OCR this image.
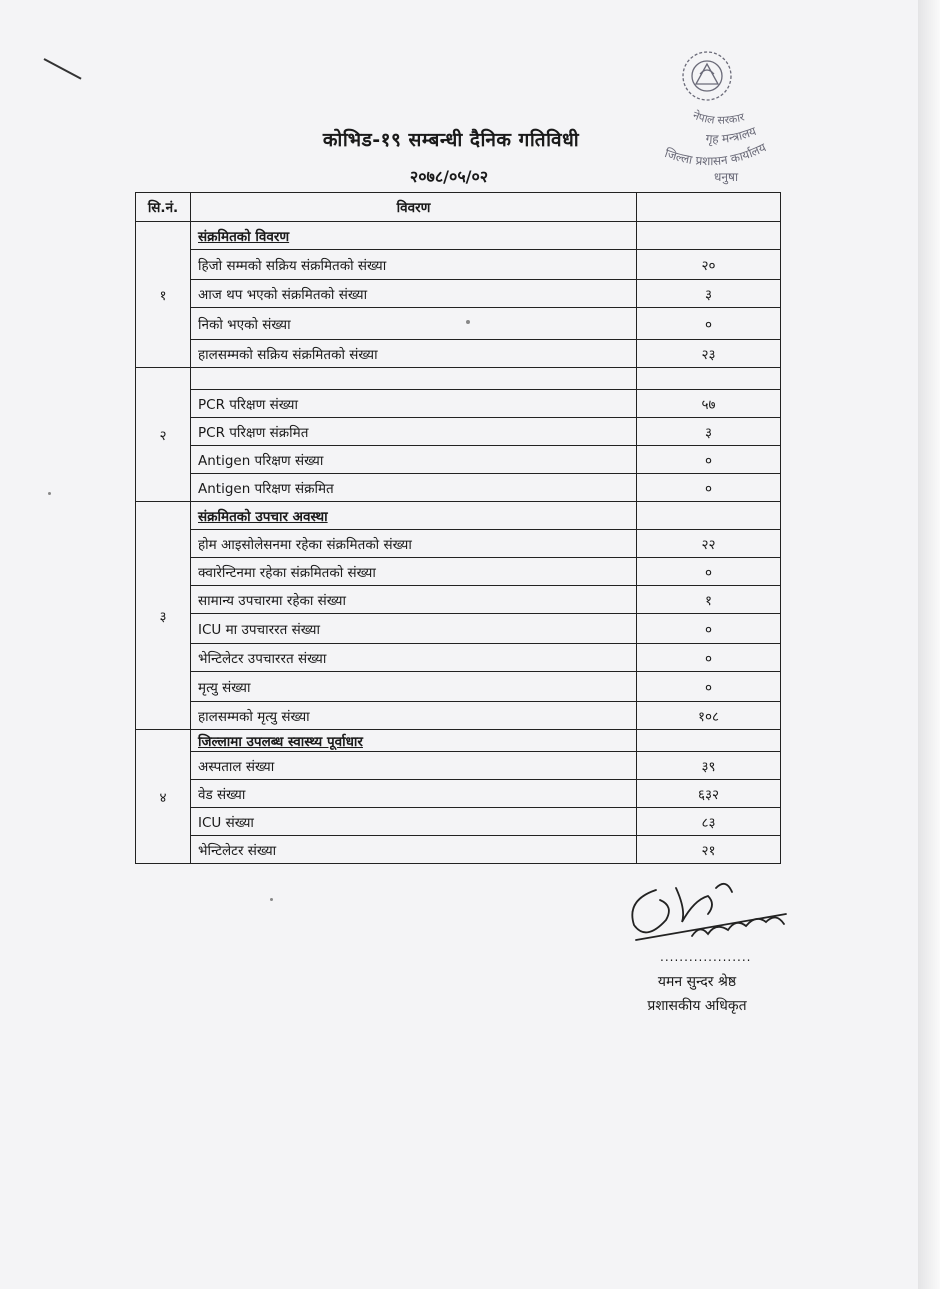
नेपाल सरकार
गृह मन्त्रालय
जिल्ला प्रशासन कार्यालय
धनुषा
कोभिड-१९ सम्बन्धी दैनिक गतिविधी
२०७८/०५/०२
सि.नं.	विवरण	
१	संक्रमितको विवरण	
	हिजो सम्मको सक्रिय संक्रमितको संख्या	२०
	आज थप भएको संक्रमितको संख्या	३
	निको भएको संख्या	०
	हालसम्मको सक्रिय संक्रमितको संख्या	२३
२		
	PCR परिक्षण संख्या	५७
	PCR परिक्षण संक्रमित	३
	Antigen परिक्षण संख्या	०
	Antigen परिक्षण संक्रमित	०
३	संक्रमितको उपचार अवस्था	
	होम आइसोलेसनमा रहेका संक्रमितको संख्या	२२
	क्वारेन्टिनमा रहेका संक्रमितको संख्या	०
	सामान्य उपचारमा रहेका संख्या	१
	ICU मा उपचाररत संख्या	०
	भेन्टिलेटर उपचाररत संख्या	०
	मृत्यु संख्या	०
	हालसम्मको मृत्यु संख्या	१०८
४	जिल्लामा उपलब्ध स्वास्थ्य पूर्वाधार	
	अस्पताल संख्या	३९
	वेड संख्या	६३२
	ICU संख्या	८३
	भेन्टिलेटर संख्या	२१
...................
यमन सुन्दर श्रेष्ठ
प्रशासकीय अधिकृत
